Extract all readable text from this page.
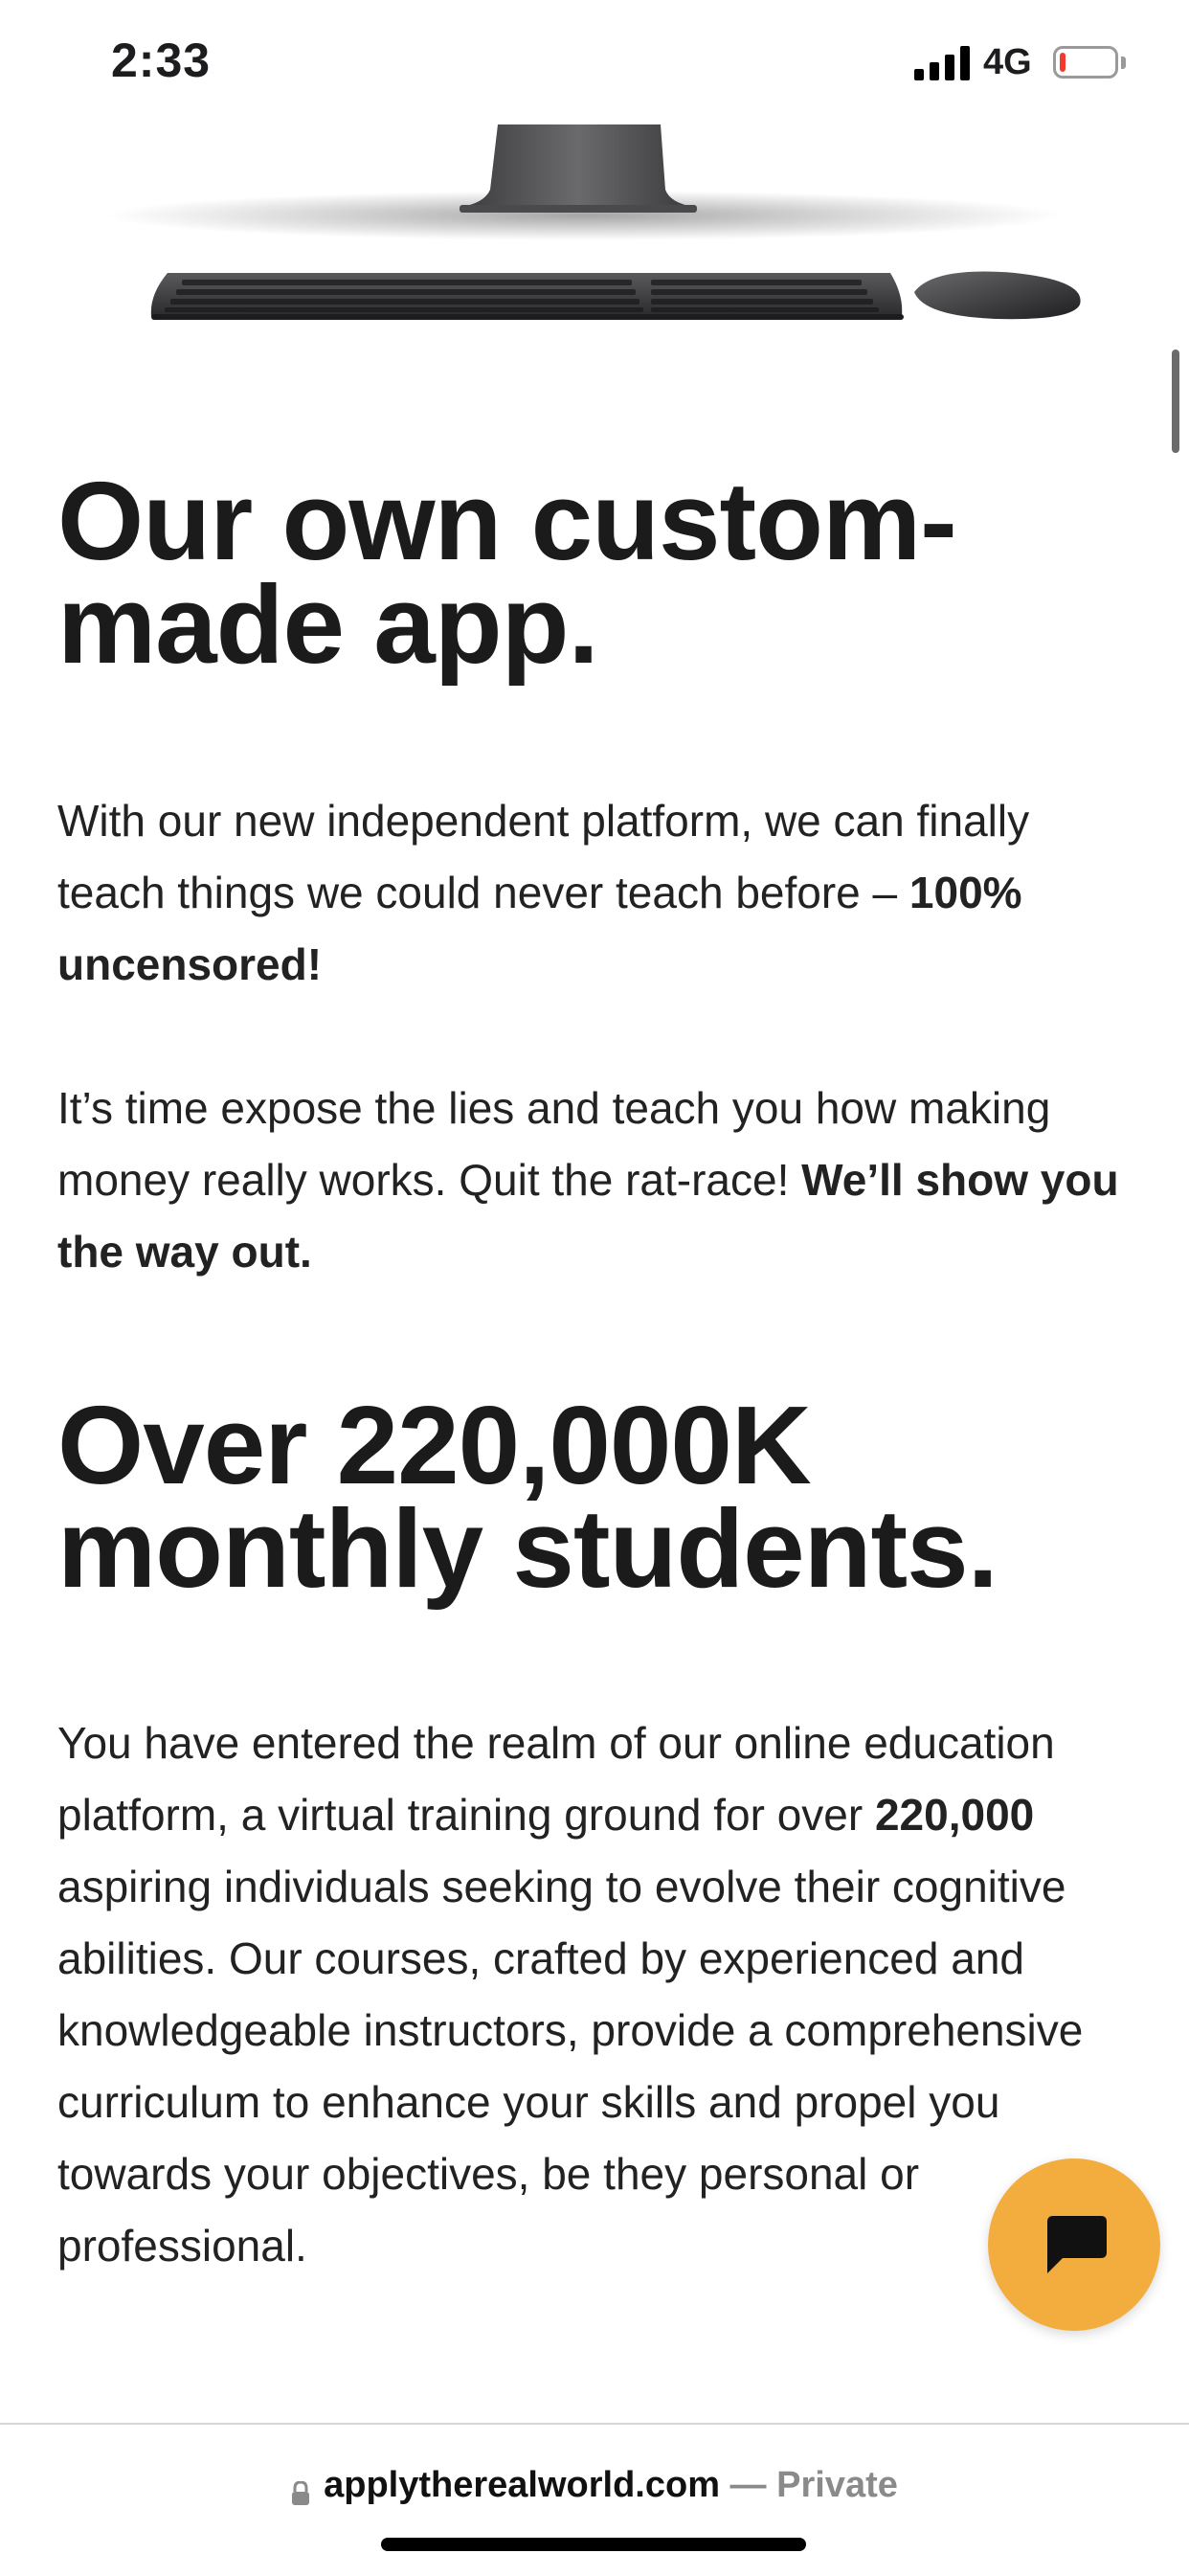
2:33	4G
Our own custom-made app.

With our new independent platform, we can finally teach things we could never teach before – 100% uncensored!

It’s time expose the lies and teach you how making money really works. Quit the rat-race! We’ll show you the way out.

Over 220,000K monthly students.

You have entered the realm of our online education platform, a virtual training ground for over 220,000 aspiring individuals seeking to evolve their cognitive abilities. Our courses, crafted by experienced and knowledgeable instructors, provide a comprehensive curriculum to enhance your skills and propel you towards your objectives, be they personal or professional.

applytherealworld.com — Private
